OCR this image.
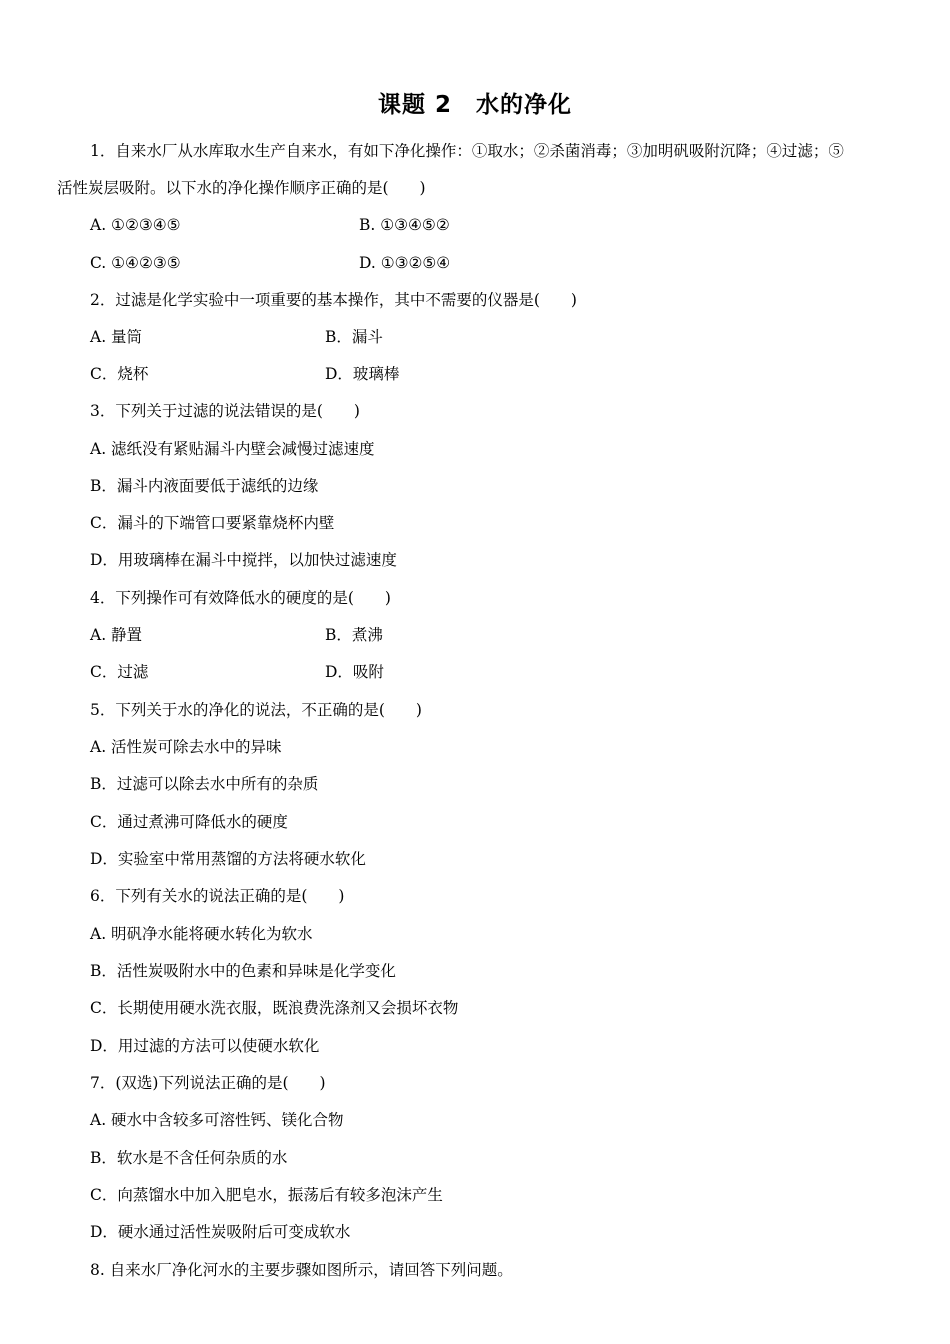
课题 2　水的净化
1．自来水厂从水库取水生产自来水，有如下净化操作：①取水；②杀菌消毒；③加明矾吸附沉降；④过滤；⑤
活性炭层吸附。以下水的净化操作顺序正确的是(　　)
A. ①②③④⑤	B. ①③④⑤②
C. ①④②③⑤	D. ①③②⑤④
2．过滤是化学实验中一项重要的基本操作，其中不需要的仪器是(　　)
A. 量筒	B．漏斗
C．烧杯	D．玻璃棒
3．下列关于过滤的说法错误的是(　　)
A. 滤纸没有紧贴漏斗内壁会减慢过滤速度
B．漏斗内液面要低于滤纸的边缘
C．漏斗的下端管口要紧靠烧杯内壁
D．用玻璃棒在漏斗中搅拌，以加快过滤速度
4．下列操作可有效降低水的硬度的是(　　)
A. 静置	B．煮沸
C．过滤	D．吸附
5．下列关于水的净化的说法，不正确的是(　　)
A. 活性炭可除去水中的异味
B．过滤可以除去水中所有的杂质
C．通过煮沸可降低水的硬度
D．实验室中常用蒸馏的方法将硬水软化
6．下列有关水的说法正确的是(　　)
A. 明矾净水能将硬水转化为软水
B．活性炭吸附水中的色素和异味是化学变化
C．长期使用硬水洗衣服，既浪费洗涤剂又会损坏衣物
D．用过滤的方法可以使硬水软化
7．(双选)下列说法正确的是(　　)
A. 硬水中含较多可溶性钙、镁化合物
B．软水是不含任何杂质的水
C．向蒸馏水中加入肥皂水，振荡后有较多泡沫产生
D．硬水通过活性炭吸附后可变成软水
8. 自来水厂净化河水的主要步骤如图所示，请回答下列问题。
